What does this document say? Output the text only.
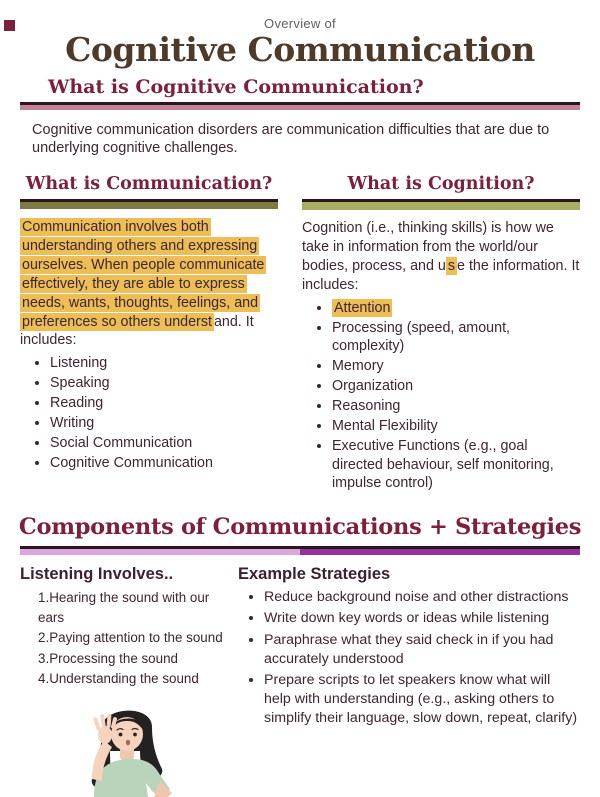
Overview of
Cognitive Communication
What is Cognitive Communication?

Cognitive communication disorders are communication difficulties that are due to underlying cognitive challenges.

What is Communication?
Communication involves both understanding others and expressing ourselves. When people communicate effectively, they are able to express needs, wants, thoughts, feelings, and preferences so others underst and. It includes:
• Listening
• Speaking
• Reading
• Writing
• Social Communication
• Cognitive Communication
What is Cognition?
Cognition (i.e., thinking skills) is how we take in information from the world/our bodies, process, and u s e the information. It includes:
• Attention
• Processing (speed, amount, complexity)
• Memory
• Organization
• Reasoning
• Mental Flexibility
• Executive Functions (e.g., goal directed behaviour, self monitoring, impulse control)
Components of Communications + Strategies
Listening Involves..
Hearing the sound with our ears
Paying attention to the sound
Processing the sound
Understanding the sound
Example Strategies
• Reduce background noise and other distractions
• Write down key words or ideas while listening
• Paraphrase what they said check in if you had accurately understood
• Prepare scripts to let speakers know what will help with understanding (e.g., asking others to simplify their language, slow down, repeat, clarify)
